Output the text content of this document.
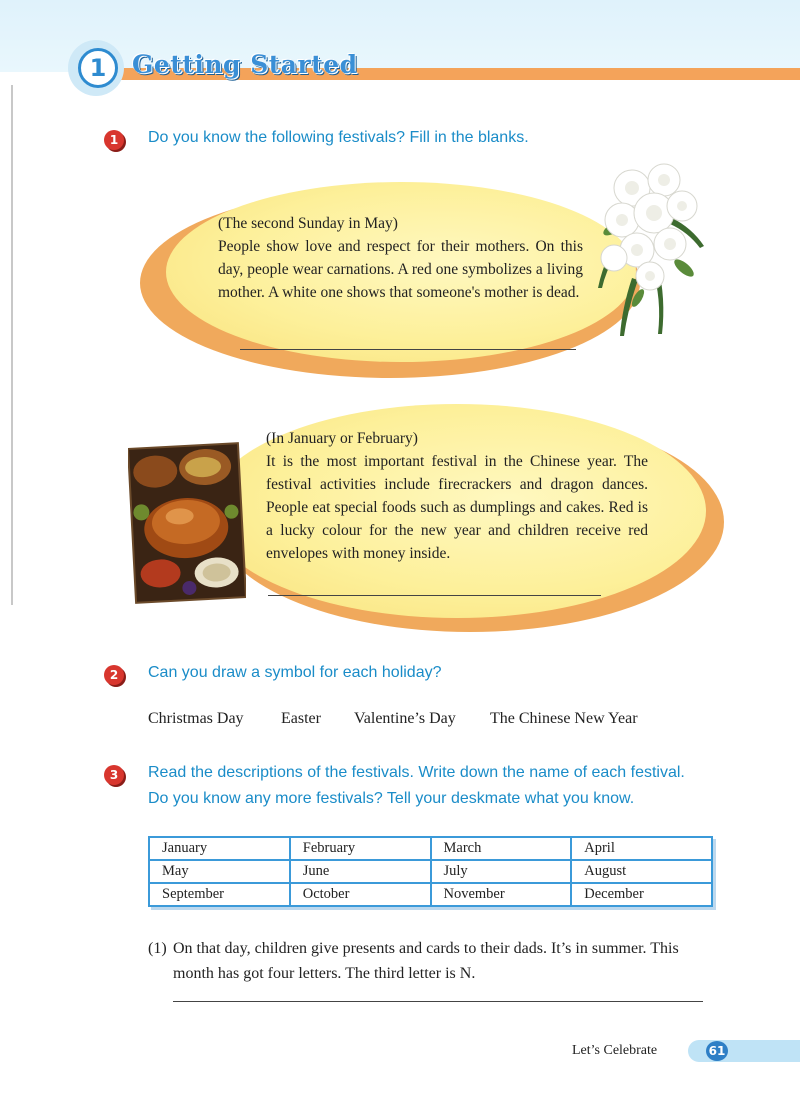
1	Getting Started
1	Do you know the following festivals? Fill in the blanks.
(The second Sunday in May)
People show love and respect for their mothers. On this day, people wear carnations. A red one symbolizes a living mother. A white one shows that someone's mother is dead.
(In January or February)
It is the most important festival in the Chinese year. The festival activities include firecrackers and dragon dances. People eat special foods such as dumplings and cakes. Red is a lucky colour for the new year and children receive red envelopes with money inside.
2	Can you draw a symbol for each holiday?
Christmas Day Easter Valentine’s Day The Chinese New Year
3	Read the descriptions of the festivals. Write down the name of each festival.
Do you know any more festivals? Tell your deskmate what you know.
January	February	March	April
May	June	July	August
September	October	November	December
(1) On that day, children give presents and cards to their dads. It’s in summer. This
month has got four letters. The third letter is N.
Let’s Celebrate	61
